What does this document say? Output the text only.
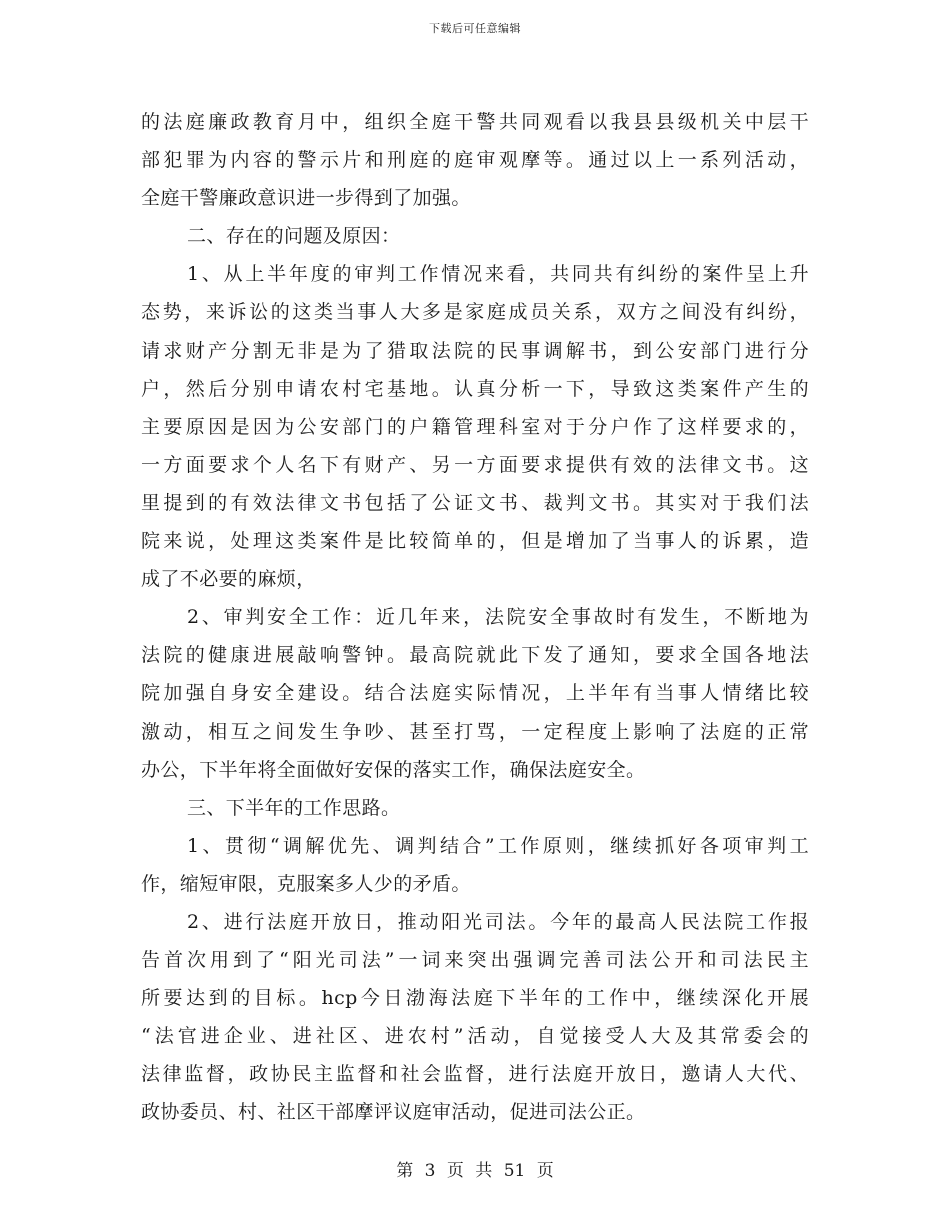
下载后可任意编辑
的法庭廉政教育月中，组织全庭干警共同观看以我县县级机关中层干
部犯罪为内容的警示片和刑庭的庭审观摩等。通过以上一系列活动，
全庭干警廉政意识进一步得到了加强。
二、存在的问题及原因：
1、从上半年度的审判工作情况来看，共同共有纠纷的案件呈上升
态势，来诉讼的这类当事人大多是家庭成员关系，双方之间没有纠纷，
请求财产分割无非是为了猎取法院的民事调解书，到公安部门进行分
户，然后分别申请农村宅基地。认真分析一下，导致这类案件产生的
主要原因是因为公安部门的户籍管理科室对于分户作了这样要求的，
一方面要求个人名下有财产、另一方面要求提供有效的法律文书。这
里提到的有效法律文书包括了公证文书、裁判文书。其实对于我们法
院来说，处理这类案件是比较简单的，但是增加了当事人的诉累，造
成了不必要的麻烦，
2、审判安全工作：近几年来，法院安全事故时有发生，不断地为
法院的健康进展敲响警钟。最高院就此下发了通知，要求全国各地法
院加强自身安全建设。结合法庭实际情况，上半年有当事人情绪比较
激动，相互之间发生争吵、甚至打骂，一定程度上影响了法庭的正常
办公，下半年将全面做好安保的落实工作，确保法庭安全。
三、下半年的工作思路。
1、贯彻“调解优先、调判结合”工作原则，继续抓好各项审判工
作，缩短审限，克服案多人少的矛盾。
2、进行法庭开放日，推动阳光司法。今年的最高人民法院工作报
告首次用到了“阳光司法”一词来突出强调完善司法公开和司法民主
所要达到的目标。hcp今日渤海法庭下半年的工作中，继续深化开展
“法官进企业、进社区、进农村”活动，自觉接受人大及其常委会的
法律监督，政协民主监督和社会监督，进行法庭开放日，邀请人大代、
政协委员、村、社区干部摩评议庭审活动，促进司法公正。
第 3 页 共 51 页
